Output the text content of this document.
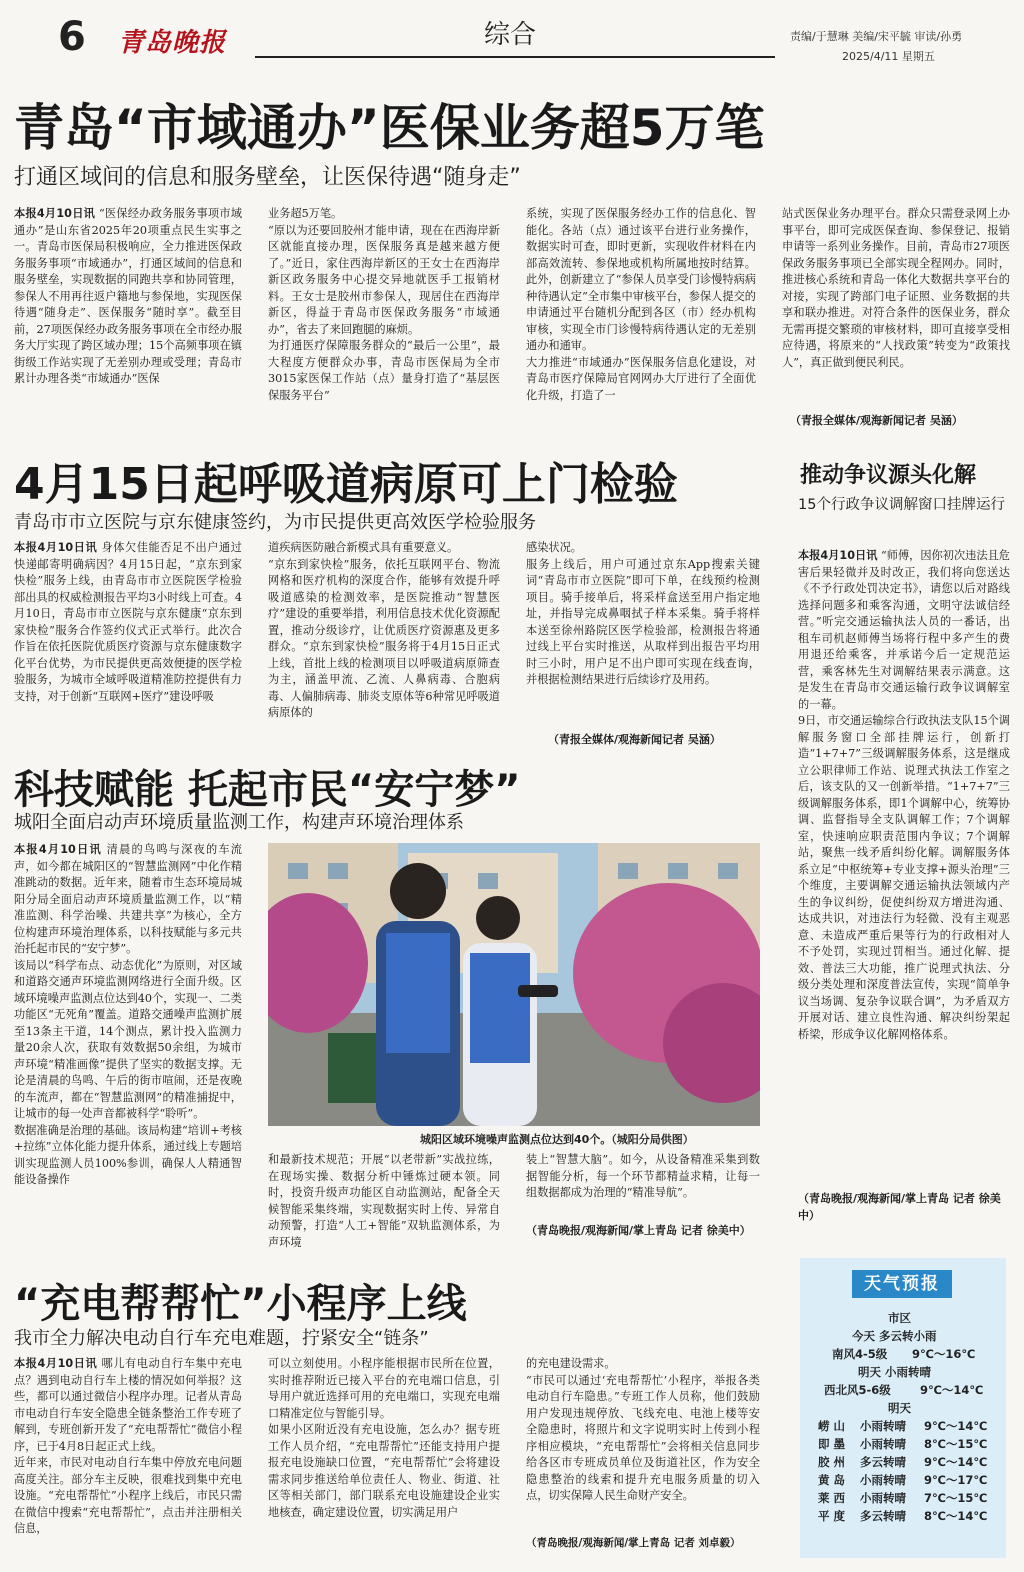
6 青岛晚报	综合	责编/于慧琳 美编/宋平毓 审读/孙勇
2025/4/11 星期五
青岛“市域通办”医保业务超5万笔
打通区域间的信息和服务壁垒，让医保待遇“随身走”
本报4月10日讯 “医保经办政务服务事项市域通办”是山东省2025年20项重点民生实事之一。青岛市医保局积极响应，全力推进医保政务服务事项“市域通办”，打通区域间的信息和服务壁垒，实现数据的同跑共享和协同管理，参保人不用再往返户籍地与参保地，实现医保待遇“随身走”、医保服务“随时享”。截至目前，27项医保经办政务服务事项在全市经办服务大厅实现了跨区域办理；15个高频事项在镇街级工作站实现了无差别办理或受理；青岛市累计办理各类“市域通办”医保
业务超5万笔。
“原以为还要回胶州才能申请，现在在西海岸新区就能直接办理，医保服务真是越来越方便了。”近日，家住西海岸新区的王女士在西海岸新区政务服务中心提交异地就医手工报销材料。王女士是胶州市参保人，现居住在西海岸新区，得益于青岛市医保政务服务“市域通办”，省去了来回跑腿的麻烦。
为打通医疗保障服务群众的“最后一公里”，最大程度方便群众办事，青岛市医保局为全市3015家医保工作站（点）量身打造了“基层医保服务平台”
系统，实现了医保服务经办工作的信息化、智能化。各站（点）通过该平台进行业务操作，数据实时可查，即时更新，实现收件材料在内部高效流转、参保地或机构所属地按时结算。此外，创新建立了“参保人员享受门诊慢特病病种待遇认定”全市集中审核平台，参保人提交的申请通过平台随机分配到各区（市）经办机构审核，实现全市门诊慢特病待遇认定的无差别通办和通审。
大力推进“市域通办”医保服务信息化建设，对青岛市医疗保障局官网网办大厅进行了全面优化升级，打造了一
站式医保业务办理平台。群众只需登录网上办事平台，即可完成医保查询、参保登记、报销申请等一系列业务操作。目前，青岛市27项医保政务服务事项已全部实现全程网办。同时，推进核心系统和青岛一体化大数据共享平台的对接，实现了跨部门电子证照、业务数据的共享和联办推进。对符合条件的医保业务，群众无需再提交繁琐的审核材料，即可直接享受相应待遇，将原来的“人找政策”转变为“政策找人”，真正做到便民利民。
（青报全媒体/观海新闻记者 吴涵）
4月15日起呼吸道病原可上门检验
青岛市市立医院与京东健康签约，为市民提供更高效医学检验服务
本报4月10日讯 身体欠佳能否足不出户通过快递邮寄明确病因？4月15日起，“京东到家快检”服务上线，由青岛市市立医院医学检验部出具的权威检测报告平均3小时线上可查。4月10日，青岛市市立医院与京东健康“京东到家快检”服务合作签约仪式正式举行。此次合作旨在依托医院优质医疗资源与京东健康数字化平台优势，为市民提供更高效便捷的医学检验服务，为城市全域呼吸道精准防控提供有力支持，对于创新“互联网+医疗”建设呼吸
道疾病医防融合新模式具有重要意义。
“京东到家快检”服务，依托互联网平台、物流网格和医疗机构的深度合作，能够有效提升呼吸道感染的检测效率，是医院推动“智慧医疗”建设的重要举措，利用信息技术优化资源配置，推动分级诊疗，让优质医疗资源惠及更多群众。“京东到家快检”服务将于4月15日正式上线，首批上线的检测项目以呼吸道病原筛查为主，涵盖甲流、乙流、人鼻病毒、合胞病毒、人偏肺病毒、肺炎支原体等6种常见呼吸道病原体的
感染状况。
服务上线后，用户可通过京东App搜索关键词“青岛市市立医院”即可下单，在线预约检测项目。骑手接单后，将采样盒送至用户指定地址，并指导完成鼻咽拭子样本采集。骑手将样本送至徐州路院区医学检验部，检测报告将通过线上平台实时推送，从取样到出报告平均用时三小时，用户足不出户即可实现在线查询，并根据检测结果进行后续诊疗及用药。
（青报全媒体/观海新闻记者 吴涵）
科技赋能 托起市民“安宁梦”
城阳全面启动声环境质量监测工作，构建声环境治理体系
本报4月10日讯 清晨的鸟鸣与深夜的车流声，如今都在城阳区的“智慧监测网”中化作精准跳动的数据。近年来，随着市生态环境局城阳分局全面启动声环境质量监测工作，以“精准监测、科学治噪、共建共享”为核心，全方位构建声环境治理体系，以科技赋能与多元共治托起市民的“安宁梦”。
该局以“科学布点、动态优化”为原则，对区域和道路交通声环境监测网络进行全面升级。区域环境噪声监测点位达到40个，实现一、二类功能区“无死角”覆盖。道路交通噪声监测扩展至13条主干道，14个测点，累计投入监测力量20余人次，获取有效数据50余组，为城市声环境“精准画像”提供了坚实的数据支撑。无论是清晨的鸟鸣、午后的街市喧闹，还是夜晚的车流声，都在“智慧监测网”的精准捕捉中，让城市的每一处声音都被科学“聆听”。
数据准确是治理的基础。该局构建“培训+考核+拉练”立体化能力提升体系，通过线上专题培训实现监测人员100%参训，确保人人精通智能设备操作
城阳区域环境噪声监测点位达到40个。（城阳分局供图）
和最新技术规范；开展“以老带新”实战拉练，在现场实操、数据分析中锤炼过硬本领。同时，投资升级声功能区自动监测站，配备全天候智能采集终端，实现数据实时上传、异常自动预警，打造“人工+智能”双轨监测体系，为声环境
装上“智慧大脑”。如今，从设备精准采集到数据智能分析，每一个环节都精益求精，让每一组数据都成为治理的“精准导航”。
（青岛晚报/观海新闻/掌上青岛 记者 徐美中）
推动争议源头化解
15个行政争议调解窗口挂牌运行
本报4月10日讯 “师傅，因你初次违法且危害后果轻微并及时改正，我们将向您送达《不予行政处罚决定书》，请您以后对路线选择问题多和乘客沟通，文明守法诚信经营。”听完交通运输执法人员的一番话，出租车司机赵师傅当场将行程中多产生的费用退还给乘客，并承诺今后一定规范运营，乘客林先生对调解结果表示满意。这是发生在青岛市交通运输行政争议调解室的一幕。
9日，市交通运输综合行政执法支队15个调解服务窗口全部挂牌运行，创新打造“1+7+7”三级调解服务体系，这是继成立公职律师工作站、说理式执法工作室之后，该支队的又一创新举措。“1+7+7”三级调解服务体系，即1个调解中心，统筹协调、监督指导全支队调解工作；7个调解室，快速响应职责范围内争议；7个调解站，聚焦一线矛盾纠纷化解。调解服务体系立足“中枢统筹+专业支撑+源头治理”三个维度，主要调解交通运输执法领域内产生的争议纠纷，促使纠纷双方增进沟通、达成共识，对违法行为轻微、没有主观恶意、未造成严重后果等行为的行政相对人不予处罚，实现过罚相当。通过化解、提效、普法三大功能，推广说理式执法、分级分类处理和深度普法宣传，实现“简单争议当场调、复杂争议联合调”，为矛盾双方开展对话、建立良性沟通、解决纠纷架起桥梁，形成争议化解网格体系。
（青岛晚报/观海新闻/掌上青岛 记者 徐美中）
“充电帮帮忙”小程序上线
我市全力解决电动自行车充电难题，拧紧安全“链条”
本报4月10日讯 哪儿有电动自行车集中充电点？遇到电动自行车上楼的情况如何举报？这些，都可以通过微信小程序办理。记者从青岛市电动自行车安全隐患全链条整治工作专班了解到，专班创新开发了“充电帮帮忙”微信小程序，已于4月8日起正式上线。
近年来，市民对电动自行车集中停放充电问题高度关注。部分车主反映，很难找到集中充电设施。“充电帮帮忙”小程序上线后，市民只需在微信中搜索“充电帮帮忙”，点击并注册相关信息，
可以立刻使用。小程序能根据市民所在位置，实时推荐附近已接入平台的充电端口信息，引导用户就近选择可用的充电端口，实现充电端口精准定位与智能引导。
如果小区附近没有充电设施，怎么办？据专班工作人员介绍，“充电帮帮忙”还能支持用户提报充电设施缺口位置，“充电帮帮忙”会将建设需求同步推送给单位责任人、物业、街道、社区等相关部门，部门联系充电设施建设企业实地核查，确定建设位置，切实满足用户
的充电建设需求。
“市民可以通过‘充电帮帮忙’小程序，举报各类电动自行车隐患。”专班工作人员称，他们鼓励用户发现违规停放、飞线充电、电池上楼等安全隐患时，将照片和文字说明实时上传到小程序相应模块，“充电帮帮忙”会将相关信息同步给各区市专班成员单位及街道社区，作为安全隐患整治的线索和提升充电服务质量的切入点，切实保障人民生命财产安全。
（青岛晚报/观海新闻/掌上青岛 记者 刘卓毅）
天气预报
市区
今天 多云转小雨
南风4-5级 9℃～16℃
明天 小雨转晴
西北风5-6级	9℃～14℃
明天
崂 山 小雨转晴 9℃～14℃
即 墨 小雨转晴 8℃～15℃
胶 州 多云转晴 9℃～14℃
黄 岛 小雨转晴 9℃～17℃
莱 西 小雨转晴 7℃～15℃
平 度 多云转晴 8℃～14℃
